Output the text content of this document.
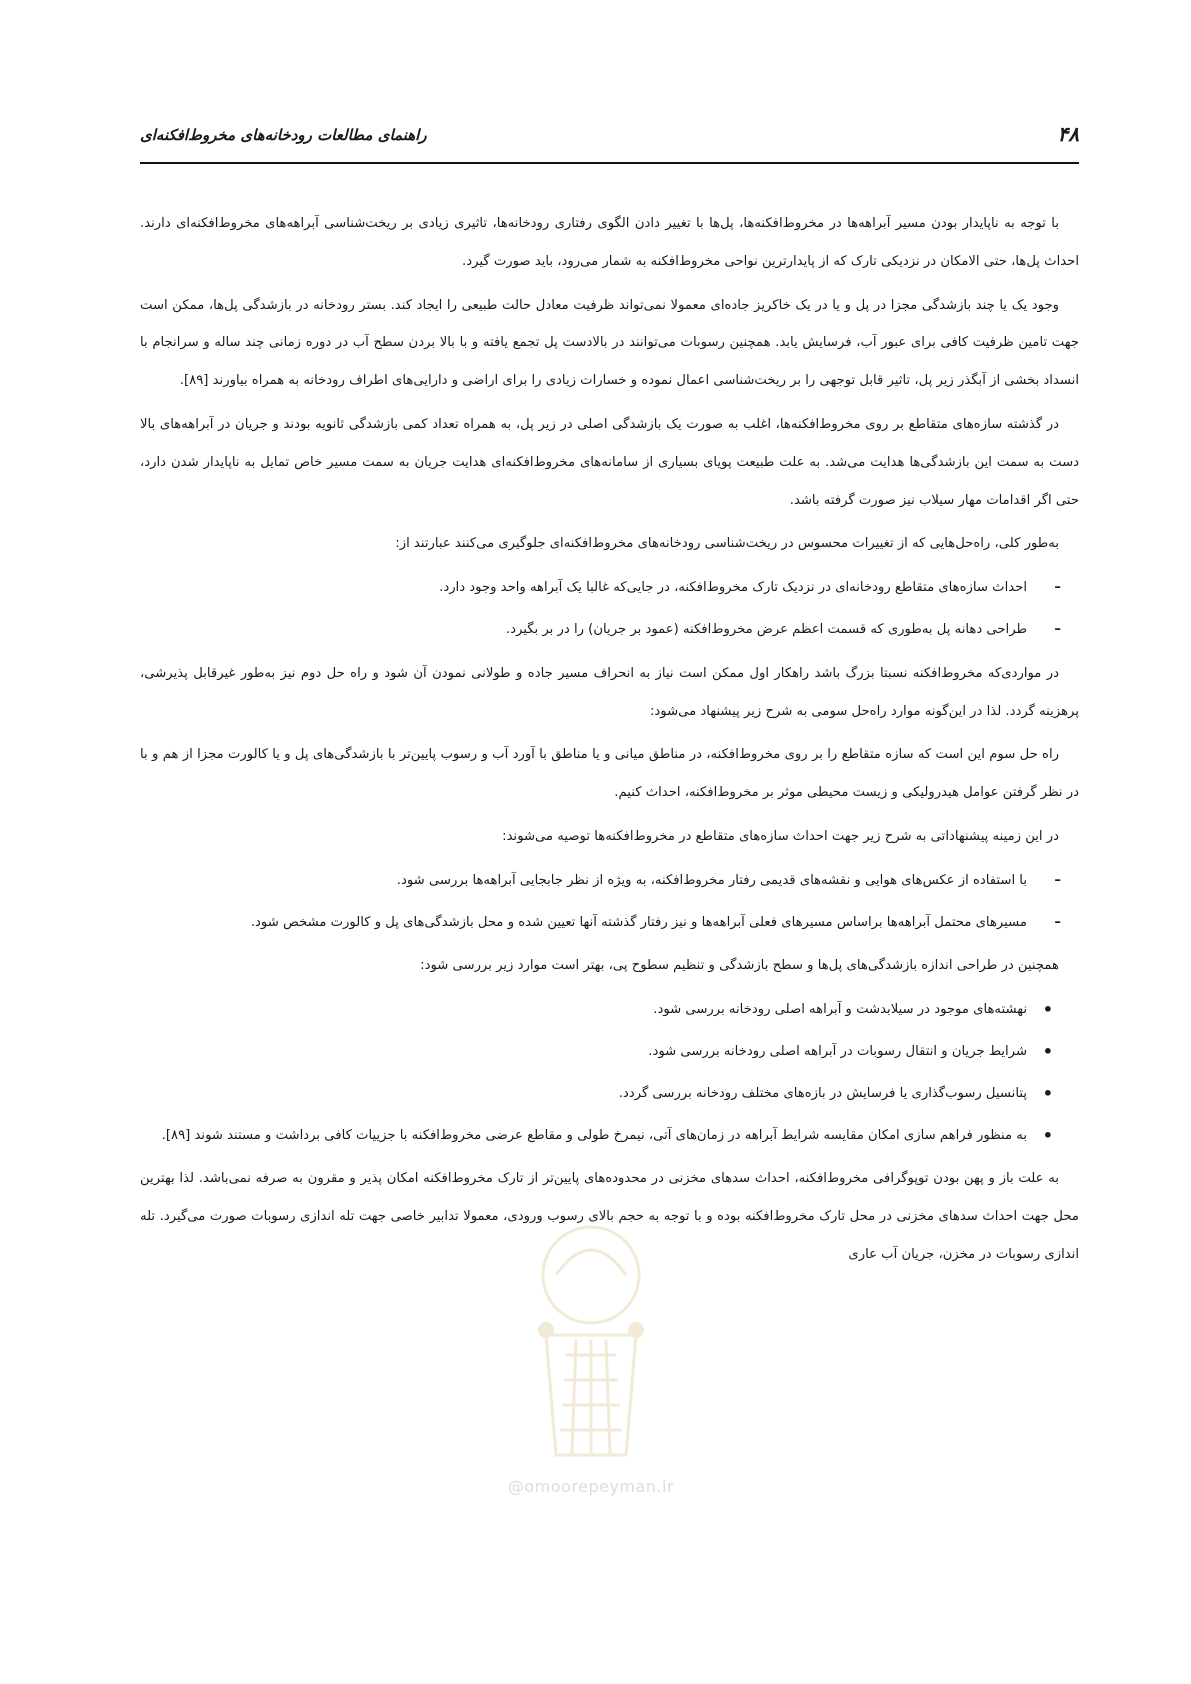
راهنمای مطالعات رودخانه‌های مخروط‌افکنه‌ای	۴۸

با توجه به ناپایدار بودن مسیر آبراهه‌ها در مخروط‌افکنه‌ها، پل‌ها با تغییر دادن الگوی رفتاری رودخانه‌ها، تاثیری زیادی بر ریخت‌شناسی آبراهه‌های مخروط‌افکنه‌ای دارند. احداث پل‌ها، حتی الامکان در نزدیکی تارک که از پایدارترین نواحی مخروط‌افکنه به شمار می‌رود، باید صورت گیرد.

وجود یک یا چند بازشدگی مجزا در پل و یا در یک خاکریز جاده‌ای معمولا نمی‌تواند ظرفیت معادل حالت طبیعی را ایجاد کند. بستر رودخانه در بازشدگی پل‌ها، ممکن است جهت تامین ظرفیت کافی برای عبور آب، فرسایش یابد. همچنین رسوبات می‌توانند در بالادست پل تجمع یافته و با بالا بردن سطح آب در دوره زمانی چند ساله و سرانجام با انسداد بخشی از آبگذر زیر پل، تاثیر قابل توجهی را بر ریخت‌شناسی اعمال نموده و خسارات زیادی را برای اراضی و دارایی‌های اطراف رودخانه به همراه بیاورند [۸۹].

در گذشته سازه‌های متقاطع بر روی مخروط‌افکنه‌ها، اغلب به صورت یک بازشدگی اصلی در زیر پل، به همراه تعداد کمی بازشدگی ثانویه بودند و جریان در آبراهه‌های بالا دست به سمت این بازشدگی‌ها هدایت می‌شد. به علت طبیعت پویای بسیاری از سامانه‌های مخروط‌افکنه‌ای هدایت جریان به سمت مسیر خاص تمایل به ناپایدار شدن دارد، حتی اگر اقدامات مهار سیلاب نیز صورت گرفته باشد.

به‌طور کلی، راه‌حل‌هایی که از تغییرات محسوس در ریخت‌شناسی رودخانه‌های مخروط‌افکنه‌ای جلوگیری می‌کنند عبارتند از:

–
احداث سازه‌های متقاطع رودخانه‌ای در نزدیک تارک مخروط‌افکنه، در جایی‌که غالبا یک آبراهه واحد وجود دارد.
–
طراحی دهانه پل به‌طوری که قسمت اعظم عرض مخروط‌افکنه (عمود بر جریان) را در بر بگیرد.

در مواردی‌که مخروط‌افکنه نسبتا بزرگ باشد راهکار اول ممکن است نیاز به انحراف مسیر جاده و طولانی نمودن آن شود و راه حل دوم نیز به‌طور غیرقابل پذیرشی، پرهزینه گردد. لذا در این‌گونه موارد راه‌حل سومی به شرح زیر پیشنهاد می‌شود:

راه حل سوم این است که سازه متقاطع را بر روی مخروط‌افکنه، در مناطق میانی و یا مناطق با آورد آب و رسوب پایین‌تر با بازشدگی‌های پل و یا کالورت مجزا از هم و با در نظر گرفتن عوامل هیدرولیکی و زیست محیطی موثر بر مخروط‌افکنه، احداث کنیم.

در این زمینه پیشنهاداتی به شرح زیر جهت احداث سازه‌های متقاطع در مخروط‌افکنه‌ها توصیه می‌شوند:

–
با استفاده از عکس‌های هوایی و نقشه‌های قدیمی رفتار مخروط‌افکنه، به ویژه از نظر جابجایی آبراهه‌ها بررسی شود.
–
مسیرهای محتمل آبراهه‌ها براساس مسیرهای فعلی آبراهه‌ها و نیز رفتار گذشته آنها تعیین شده و محل بازشدگی‌های پل و کالورت مشخص شود.

همچنین در طراحی اندازه بازشدگی‌های پل‌ها و سطح بازشدگی و تنظیم سطوح پی، بهتر است موارد زیر بررسی شود:

•
نهشته‌های موجود در سیلابدشت و آبراهه اصلی رودخانه بررسی شود.
•
شرایط جریان و انتقال رسوبات در آبراهه اصلی رودخانه بررسی شود.
•
پتانسیل رسوب‌گذاری یا فرسایش در بازه‌های مختلف رودخانه بررسی گردد.
•
به منظور فراهم سازی امکان مقایسه شرایط آبراهه در زمان‌های آتی، نیمرخ طولی و مقاطع عرضی مخروط‌افکنه با جزییات کافی برداشت و مستند شوند [۸۹].

به علت باز و پهن بودن توپوگرافی مخروط‌افکنه، احداث سدهای مخزنی در محدوده‌های پایین‌تر از تارک مخروط‌افکنه امکان پذیر و مقرون به صرفه نمی‌باشد. لذا بهترین محل جهت احداث سدهای مخزنی در محل تارک مخروط‌افکنه بوده و با توجه به حجم بالای رسوب ورودی، معمولا تدابیر خاصی جهت تله اندازی رسوبات صورت می‌گیرد. تله اندازی رسوبات در مخزن، جریان آب عاری

@omoorepeyman.ir
